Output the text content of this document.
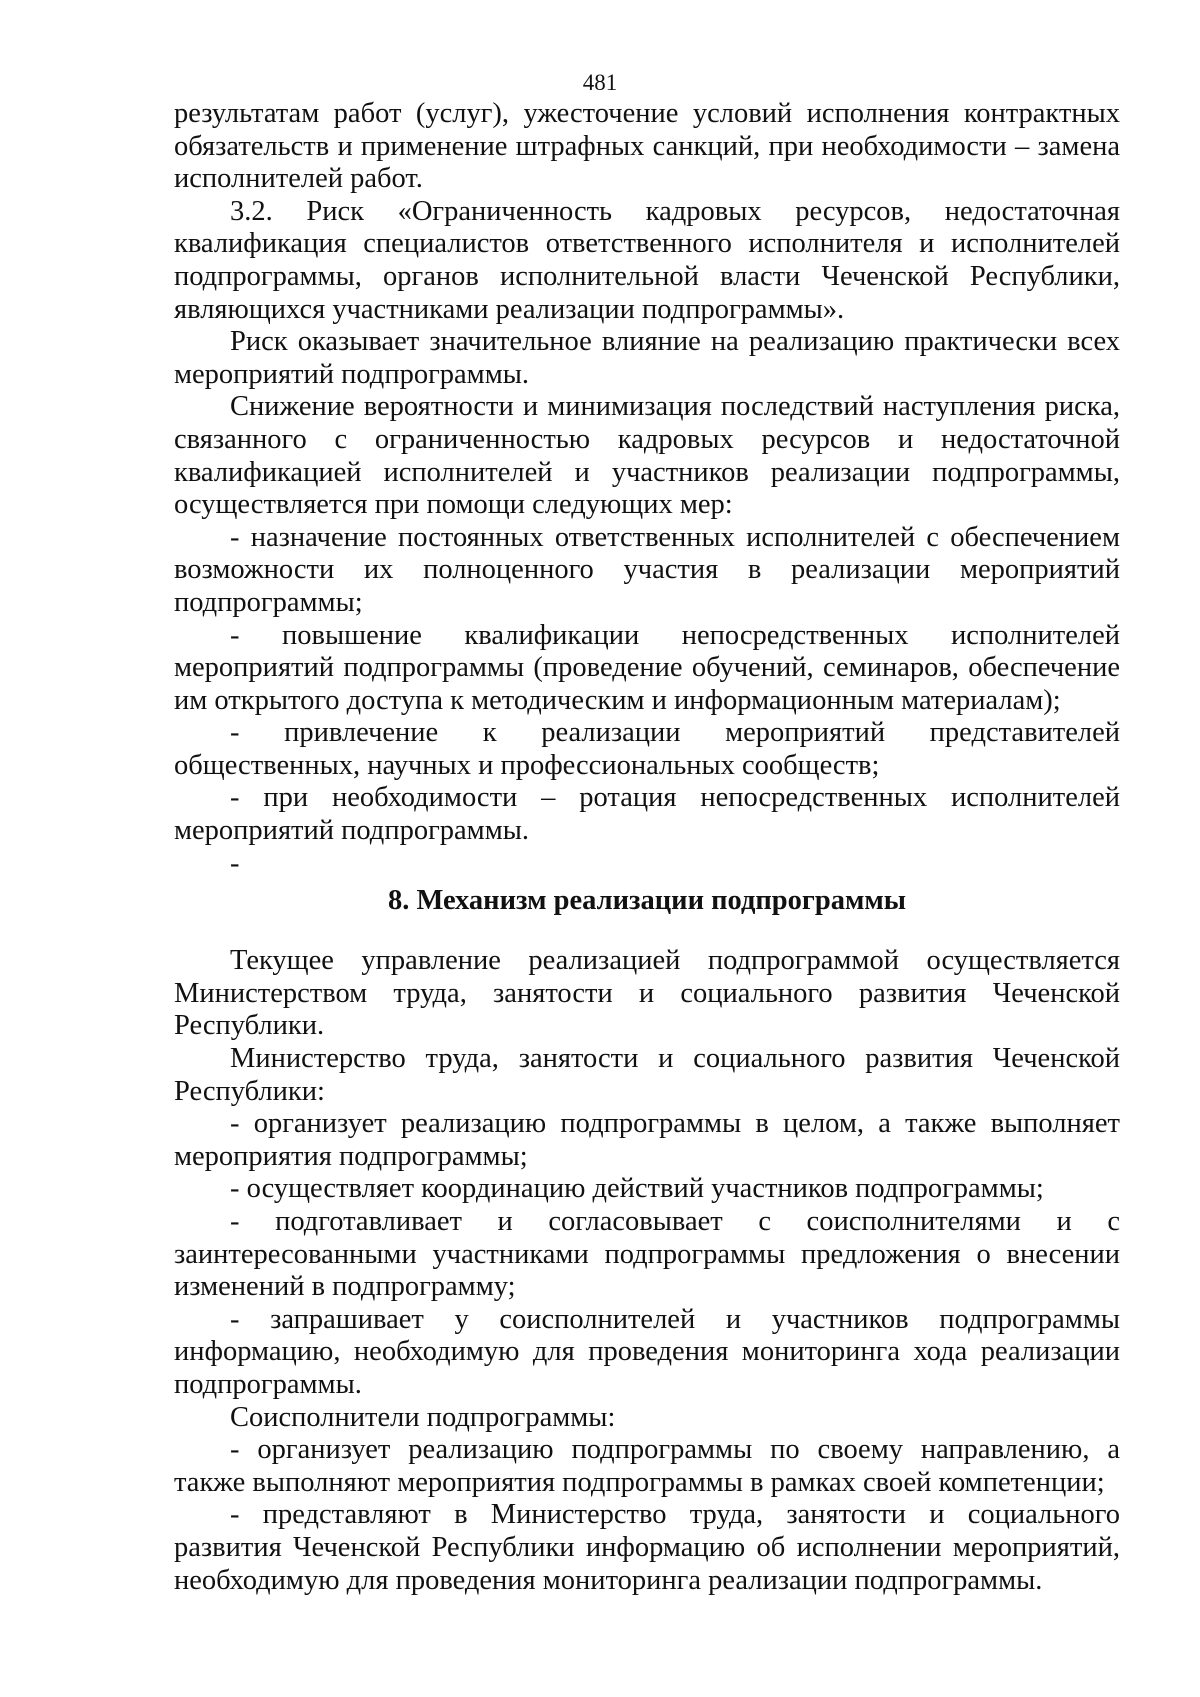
481

результатам работ (услуг), ужесточение условий исполнения контрактных обязательств и применение штрафных санкций, при необходимости – замена исполнителей работ.

3.2. Риск «Ограниченность кадровых ресурсов, недостаточная квалификация специалистов ответственного исполнителя и исполнителей подпрограммы, органов исполнительной власти Чеченской Республики, являющихся участниками реализации подпрограммы».

Риск оказывает значительное влияние на реализацию практически всех мероприятий подпрограммы.

Снижение вероятности и минимизация последствий наступления риска, связанного с ограниченностью кадровых ресурсов и недостаточной квалификацией исполнителей и участников реализации подпрограммы, осуществляется при помощи следующих мер:

- назначение постоянных ответственных исполнителей с обеспечением возможности их полноценного участия в реализации мероприятий подпрограммы;

- повышение квалификации непосредственных исполнителей мероприятий подпрограммы (проведение обучений, семинаров, обеспечение им открытого доступа к методическим и информационным материалам);

- привлечение к реализации мероприятий представителей общественных, научных и профессиональных сообществ;

- при необходимости – ротация непосредственных исполнителей мероприятий подпрограммы.

-

8. Механизм реализации подпрограммы

Текущее управление реализацией подпрограммой осуществляется Министерством труда, занятости и социального развития Чеченской Республики.

Министерство труда, занятости и социального развития Чеченской Республики:

- организует реализацию подпрограммы в целом, а также выполняет мероприятия подпрограммы;

- осуществляет координацию действий участников подпрограммы;

- подготавливает и согласовывает с соисполнителями и с заинтересованными участниками подпрограммы предложения о внесении изменений в подпрограмму;

- запрашивает у соисполнителей и участников подпрограммы информацию, необходимую для проведения мониторинга хода реализации подпрограммы.

Соисполнители подпрограммы:

- организует реализацию подпрограммы по своему направлению, а также выполняют мероприятия подпрограммы в рамках своей компетенции;

- представляют в Министерство труда, занятости и социального развития Чеченской Республики информацию об исполнении мероприятий, необходимую для проведения мониторинга реализации подпрограммы.
